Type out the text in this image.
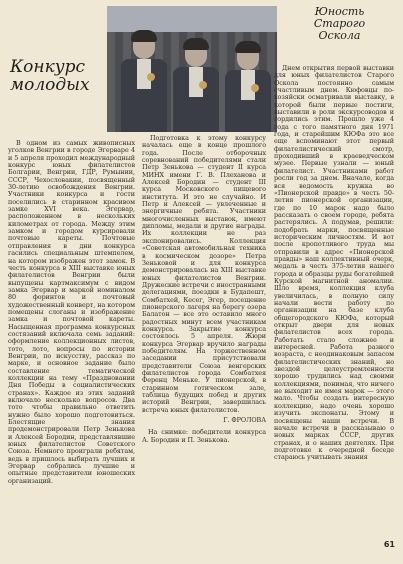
Конкурс
молодых
Юность
Старого
Оскола

В одном из самых живописных уголков Венгрии в городе Эгерваре 4 и 5 апреля проходил международный конкурс юных филателистов Болгарии, Венгрии, ГДР, Румынии, СССР, Чехословакии, посвященный 30-летию освобождения Венгрии. Участники конкурса и гости поселились в старинном красивом замке XVI века. Эгервар, расположенном в нескольких километрах от города. Между этим замком и городом курсировали почтовые кареты. Почтовые отправления в дни конкурса гасились специальным штемпелем, на котором изображен этот замок. В честь конкурса в XIII выставке юных филателистов Венгрии были выпущены картмаксимум с видом замка Эгервар и маркой номиналом 80 форинтов и почтовый художественный конверт, на котором помещены слоганы и изображение замка и почтовой кареты. Насыщенная программа конкурсных состязаний включала семь заданий: оформление коллекционных листов, тото, лото, вопросы по истории Венгрии, по искусству, рассказ по марке, и основное задание было составление тематической коллекции на тему «Праздновании Дня Победы в социалистических странах». Каждое из этих заданий включало несколько вопросов. Два тото чтобы правильно ответить нужно было хорошо подготовиться. Блестящие знания продемонстрировали Петр Зенькова и Алексей Бородин, представлявшие юных филателистов Советского Союза. Немного проиграли ребятам, ведь в пришлось выбирать лучших и Эгервар собрались лучшие и опытные представители юношеских организаций.

Подготовка к этому конкурсу началась еще в конце прошлого года. После отборочных соревнований победителями стали Петр Зенькова — студент II курса МИНХ имени Г. В. Плеханова и Алексей Бородин — студент III курса Московского пищевого института. И это не случайно. И Петр и Алексей — увлеченные и энергичные ребята. Участники многочисленных выставок, имеют дипломы, медали и другие награды. Их коллекции не раз экспонировались. Коллекция «Советская автомобильная техника в космическом дозоре» Петра Зеньковой и для конкурса демонстрировалась на XIII выставке юных филателистов Венгрии. Дружеские встречи с иностранными делегациями, поездки в Будапешт, Сомбатхей, Кесег, Эгер, посещение пионерского лагеря на берегу озера Балатон — все это оставило много радостных минут всем участникам конкурса. Закрытие конкурса состоялось 5 апреля. Жюри конкурса Эгервар вручило награды победителям. На торжественном заседании присутствовали представители Союза венгерских филателистов города Сомбатхея Ференц Меньке. У пионерской, в старинном готическом зале, таблица будущих побед и других историй Венгрии, завершилась встреча юных филателистов.

Г. ФРОЛОВА

На снимке: победители конкурса А. Бородин и П. Зенькова.

Днем открытия первой выставки для юных филателистов Старого Оскола постоянно самым счастливым днем. Кюфовцы по-хозяйски осматривали выставку, в которой были первые постиги, выставили в роли экскурсоводов и гордились этим. Прошло уже 4 года с того памятного дня 1971 года, и старейшим КЮФа это все еще вспоминают этот первый филателистический смотр, проходивший в краеведческом музее. Первые узнали — юный филателист. Участниками работ росли год за днем. Вначале, когда вся ведомость кружка во «Пионерской правде» в честь 50-летия пионерской организации, где по 10 марок надо было рассказать о своем городе, ребята растерялись. А подумав, решили: подобрать марки, посвященные историческим личностям. И вот после кропотливого труда мы отправили в адрес «Пионерской правды» наш коллективный очерк, медаль в честь 375-летия нашего города и образцы руды богатейшей Курской магнитной аномалии. Шло время, коллекция клуба увеличилась, в полную силу начали вести работу по организации на базе клуба общегородского КЮФа, который открыт двери для новых филателистов всех города. Работать стало сложнее и интересней. Работа разного возраста, с неодинаковым запасом филателистических знаний, но звездой целеустремленности хорошо трудились над своими коллекциями, понимая, что ничего не выходит не имея марок — этого мало. Чтобы создать интересную коллекцию, надо очень хорошо изучить экспонаты. Этому и посвящены наши встречи. В начале встречи в рассказываю о новых марках СССР, других странах, и о наших деятелях. При подготовке к очередной беседе стараюсь учитывать знания

61
